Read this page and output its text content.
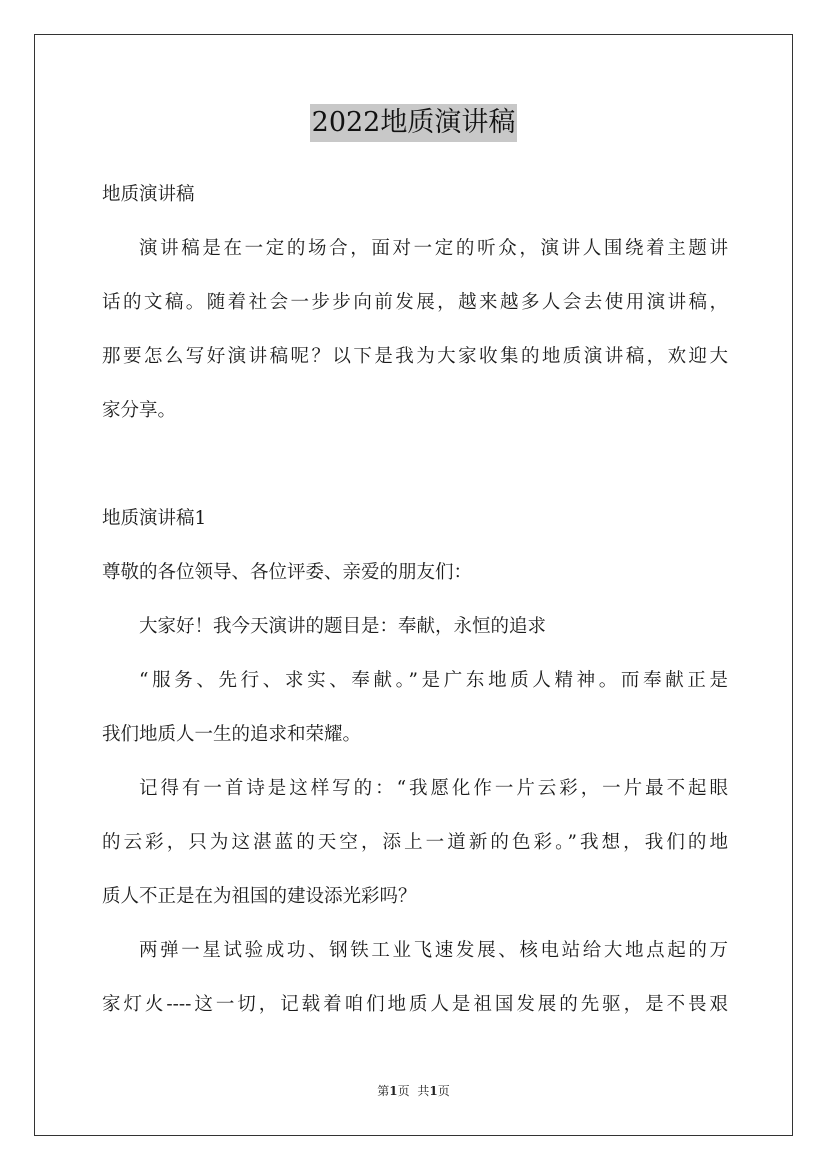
2022地质演讲稿
地质演讲稿
演讲稿是在一定的场合，面对一定的听众，演讲人围绕着主题讲
话的文稿。随着社会一步步向前发展，越来越多人会去使用演讲稿，
那要怎么写好演讲稿呢？以下是我为大家收集的地质演讲稿，欢迎大
家分享。
地质演讲稿1
尊敬的各位领导、各位评委、亲爱的朋友们：
大家好！我今天演讲的题目是：奉献，永恒的追求
“服务、先行、求实、奉献。”是广东地质人精神。而奉献正是
我们地质人一生的追求和荣耀。
记得有一首诗是这样写的：“我愿化作一片云彩，一片最不起眼
的云彩，只为这湛蓝的天空，添上一道新的色彩。”我想，我们的地
质人不正是在为祖国的建设添光彩吗？
两弹一星试验成功、钢铁工业飞速发展、核电站给大地点起的万
家灯火----这一切，记载着咱们地质人是祖国发展的先驱，是不畏艰
第1页 共1页
